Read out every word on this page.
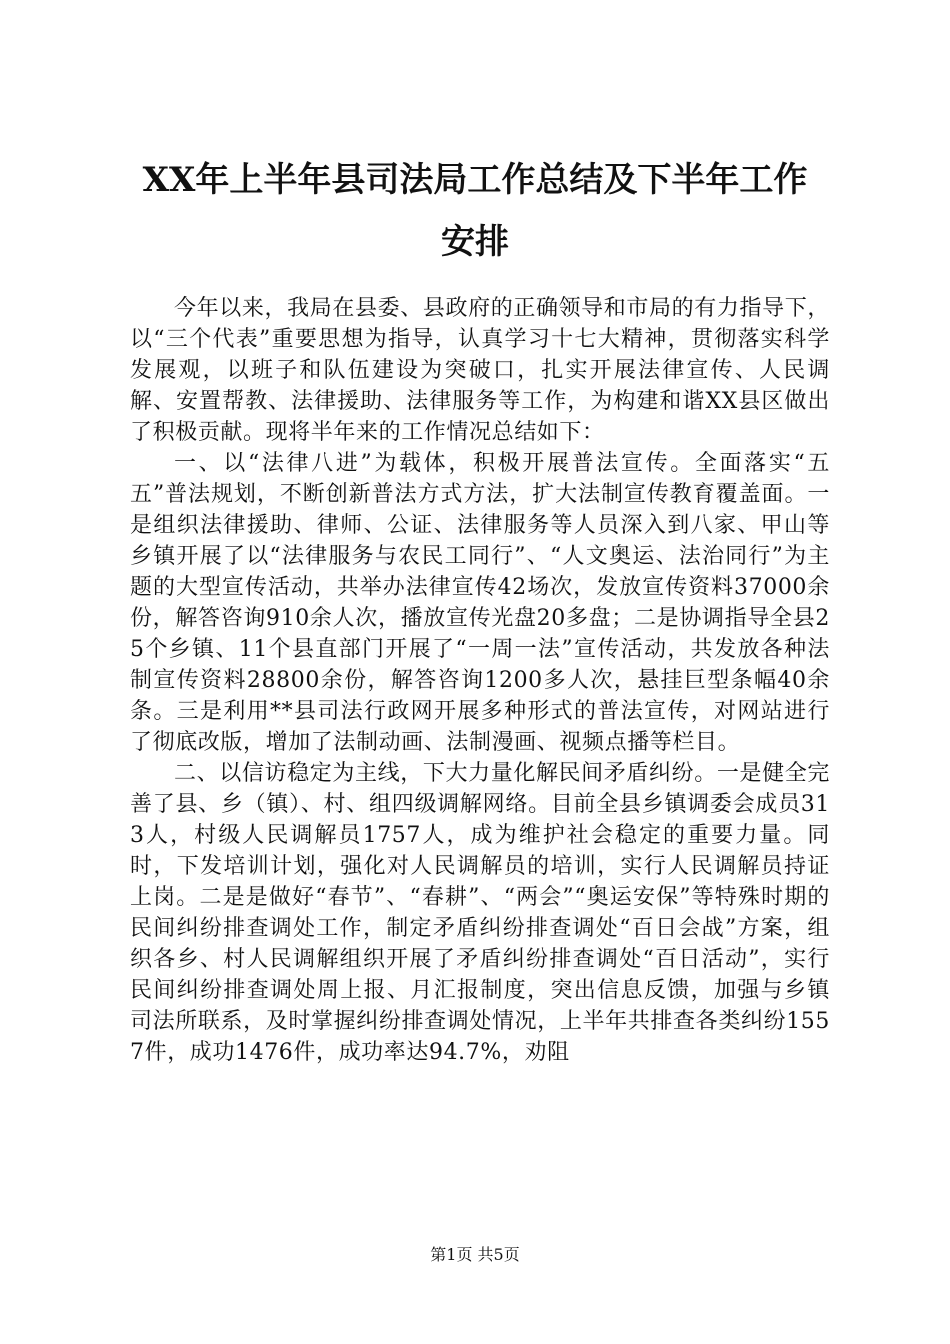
XX年上半年县司法局工作总结及下半年工作
安排

今年以来，我局在县委、县政府的正确领导和市局的有力指导下，以“三个代表”重要思想为指导，认真学习十七大精神，贯彻落实科学发展观，以班子和队伍建设为突破口，扎实开展法律宣传、人民调解、安置帮教、法律援助、法律服务等工作，为构建和谐XX县区做出了积极贡献。现将半年来的工作情况总结如下：

一、以“法律八进”为载体，积极开展普法宣传。全面落实“五五”普法规划，不断创新普法方式方法，扩大法制宣传教育覆盖面。一是组织法律援助、律师、公证、法律服务等人员深入到八家、甲山等乡镇开展了以“法律服务与农民工同行”、“人文奥运、法治同行”为主题的大型宣传活动，共举办法律宣传42场次，发放宣传资料37000余份，解答咨询910余人次，播放宣传光盘20多盘；二是协调指导全县25个乡镇、11个县直部门开展了“一周一法”宣传活动，共发放各种法制宣传资料28800余份，解答咨询1200多人次，悬挂巨型条幅40余条。三是利用**县司法行政网开展多种形式的普法宣传，对网站进行了彻底改版，增加了法制动画、法制漫画、视频点播等栏目。

二、以信访稳定为主线，下大力量化解民间矛盾纠纷。一是健全完善了县、乡（镇）、村、组四级调解网络。目前全县乡镇调委会成员313人，村级人民调解员1757人，成为维护社会稳定的重要力量。同时，下发培训计划，强化对人民调解员的培训，实行人民调解员持证上岗。二是是做好“春节”、“春耕”、“两会”“奥运安保”等特殊时期的民间纠纷排查调处工作，制定矛盾纠纷排查调处“百日会战”方案，组织各乡、村人民调解组织开展了矛盾纠纷排查调处“百日活动”，实行民间纠纷排查调处周上报、月汇报制度，突出信息反馈，加强与乡镇司法所联系，及时掌握纠纷排查调处情况，上半年共排查各类纠纷1557件，成功1476件，成功率达94.7%，劝阻

第1页 共5页
